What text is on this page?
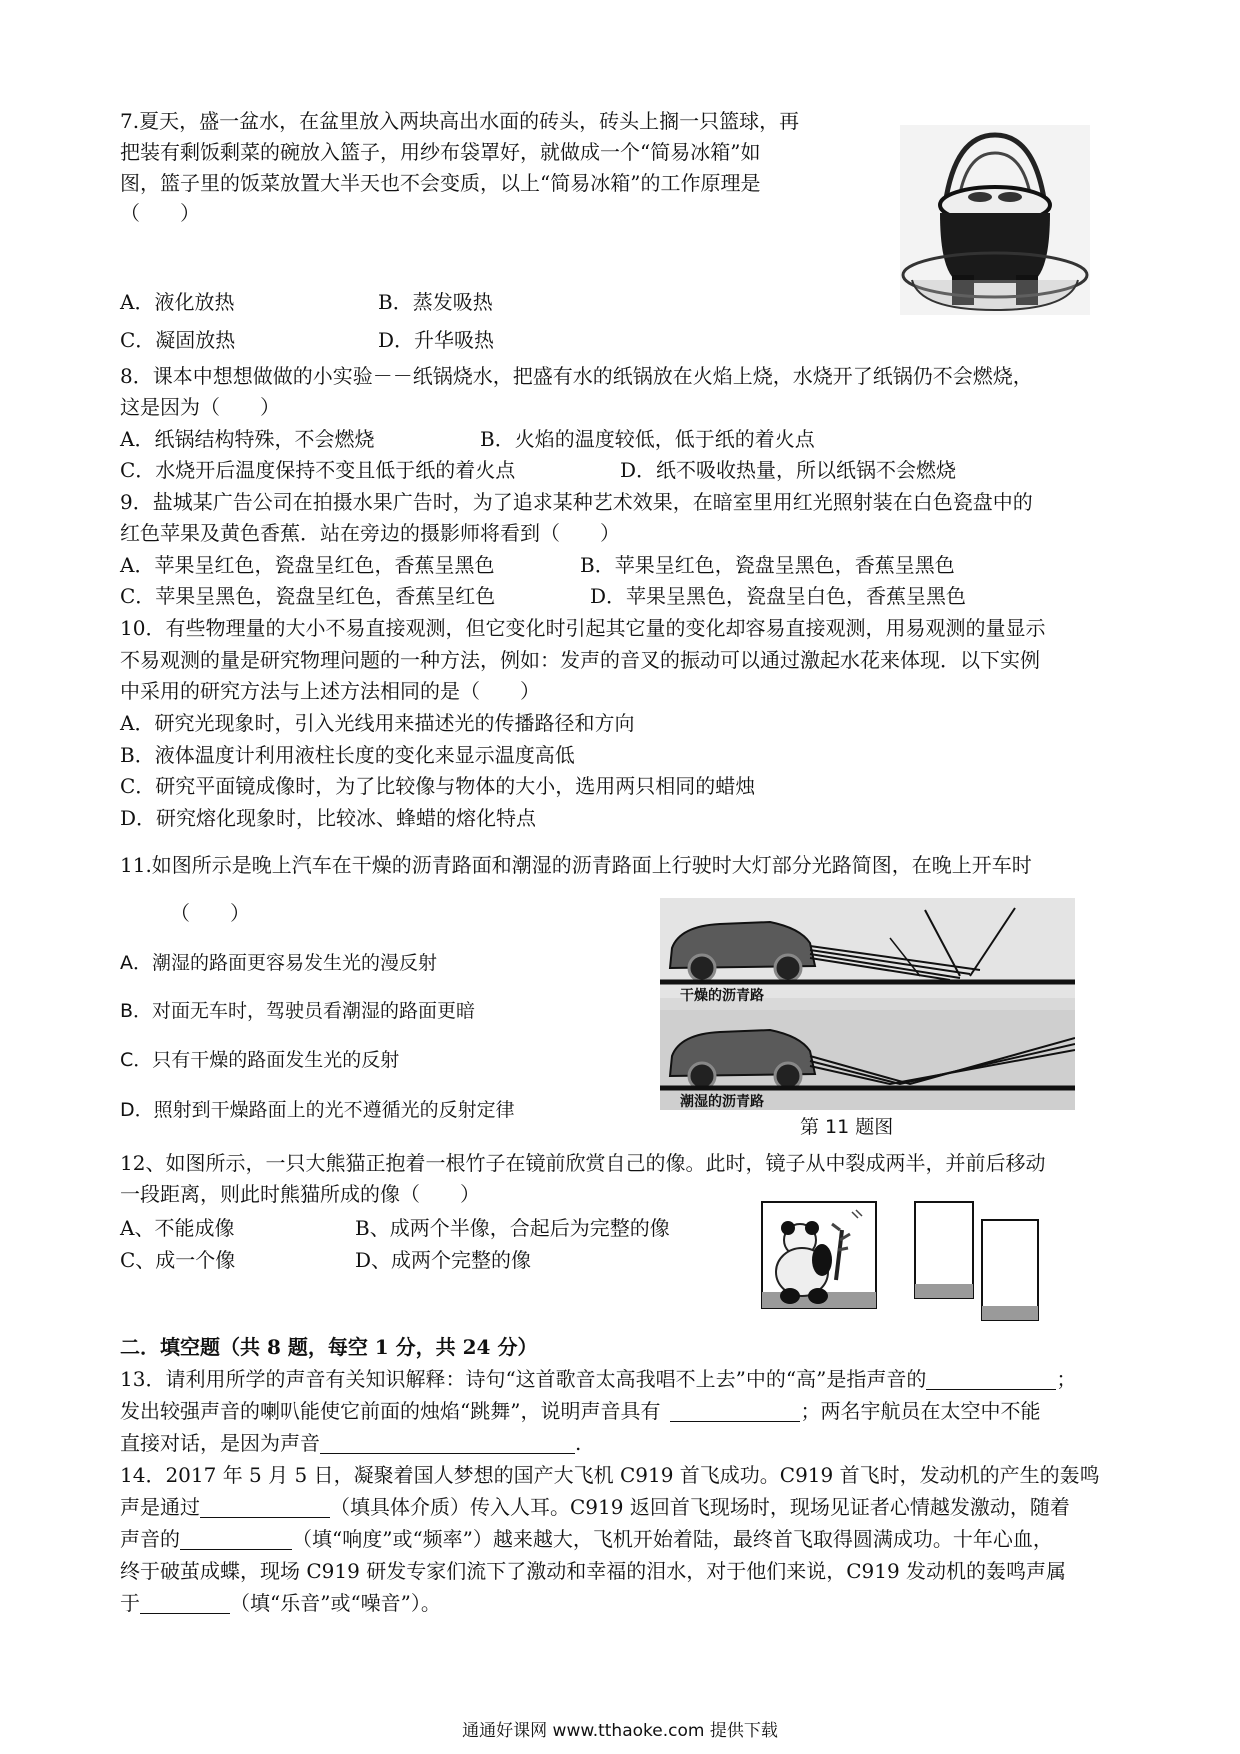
7.夏天，盛一盆水，在盆里放入两块高出水面的砖头，砖头上搁一只篮球，再
把装有剩饭剩菜的碗放入篮子，用纱布袋罩好，就做成一个“简易冰箱”如
图，篮子里的饭菜放置大半天也不会变质，以上“简易冰箱”的工作原理是
（　　）
A．液化放热	B．蒸发吸热
C．凝固放热	D．升华吸热
8．课本中想想做做的小实验－－纸锅烧水，把盛有水的纸锅放在火焰上烧，水烧开了纸锅仍不会燃烧，
这是因为（　　）
A．纸锅结构特殊，不会燃烧	B．火焰的温度较低，低于纸的着火点
C．水烧开后温度保持不变且低于纸的着火点	D．纸不吸收热量，所以纸锅不会燃烧
9．盐城某广告公司在拍摄水果广告时，为了追求某种艺术效果，在暗室里用红光照射装在白色瓷盘中的
红色苹果及黄色香蕉．站在旁边的摄影师将看到（　　）
A．苹果呈红色，瓷盘呈红色，香蕉呈黑色	B．苹果呈红色，瓷盘呈黑色，香蕉呈黑色
C．苹果呈黑色，瓷盘呈红色，香蕉呈红色	D．苹果呈黑色，瓷盘呈白色，香蕉呈黑色
10．有些物理量的大小不易直接观测，但它变化时引起其它量的变化却容易直接观测，用易观测的量显示
不易观测的量是研究物理问题的一种方法，例如：发声的音叉的振动可以通过激起水花来体现．以下实例
中采用的研究方法与上述方法相同的是（　　）
A．研究光现象时，引入光线用来描述光的传播路径和方向
B．液体温度计利用液柱长度的变化来显示温度高低
C．研究平面镜成像时，为了比较像与物体的大小，选用两只相同的蜡烛
D．研究熔化现象时，比较冰、蜂蜡的熔化特点
11.如图所示是晚上汽车在干燥的沥青路面和潮湿的沥青路面上行驶时大灯部分光路简图，在晚上开车时
（　　）
A．潮湿的路面更容易发生光的漫反射
B．对面无车时，驾驶员看潮湿的路面更暗
C．只有干燥的路面发生光的反射
D．照射到干燥路面上的光不遵循光的反射定律
干燥的沥青路
潮湿的沥青路
第 11 题图
12、如图所示，一只大熊猫正抱着一根竹子在镜前欣赏自己的像。此时，镜子从中裂成两半，并前后移动
一段距离，则此时熊猫所成的像（　　）
A、不能成像	B、成两个半像，合起后为完整的像
C、成一个像	D、成两个完整的像
二．填空题（共 8 题，每空 1 分，共 24 分）
13．请利用所学的声音有关知识解释：诗句“这首歌音太高我唱不上去”中的“高”是指声音的	；
发出较强声音的喇叭能使它前面的烛焰“跳舞”，说明声音具有	；两名宇航员在太空中不能
直接对话，是因为声音	.
14．2017 年 5 月 5 日，凝聚着国人梦想的国产大飞机 C919 首飞成功。C919 首飞时，发动机的产生的轰鸣
声是通过	（填具体介质）传入人耳。C919 返回首飞现场时，现场见证者心情越发激动，随着
声音的	（填“响度”或“频率”）越来越大，飞机开始着陆，最终首飞取得圆满成功。十年心血，
终于破茧成蝶，现场 C919 研发专家们流下了激动和幸福的泪水，对于他们来说，C919 发动机的轰鸣声属
于	（填“乐音”或“噪音”）。
通通好课网 www.tthaoke.com 提供下载
